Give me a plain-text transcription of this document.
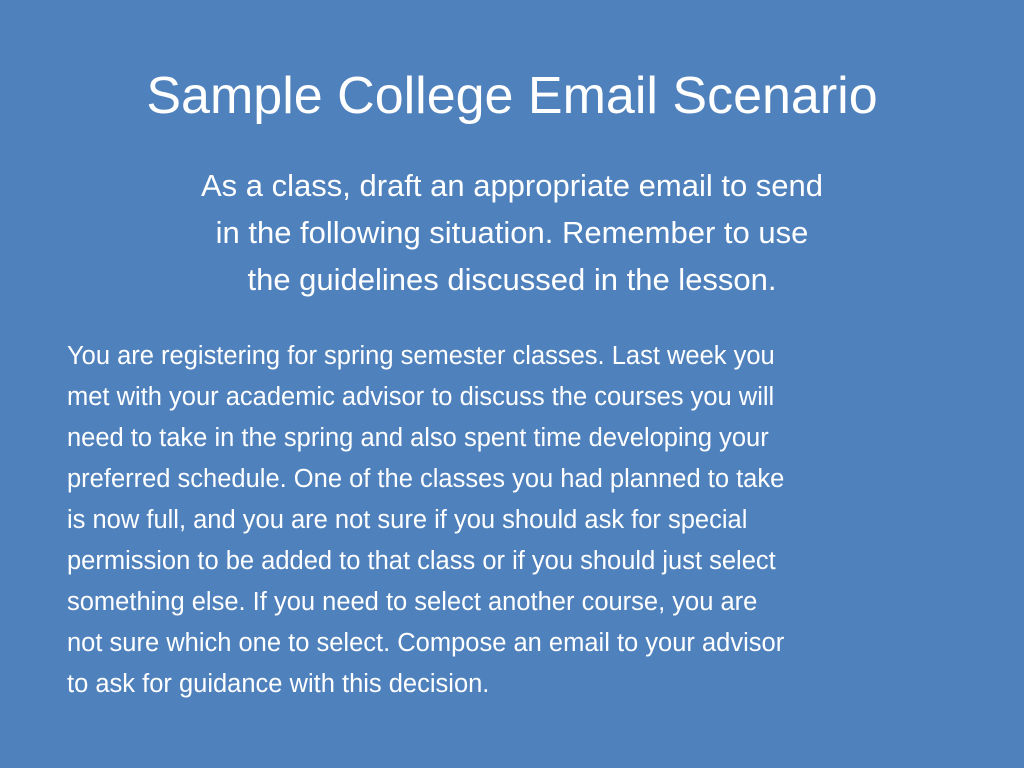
Sample College Email Scenario
As a class, draft an appropriate email to send
in the following situation. Remember to use
the guidelines discussed in the lesson.
You are registering for spring semester classes. Last week you
met with your academic advisor to discuss the courses you will
need to take in the spring and also spent time developing your
preferred schedule. One of the classes you had planned to take
is now full, and you are not sure if you should ask for special
permission to be added to that class or if you should just select
something else. If you need to select another course, you are
not sure which one to select. Compose an email to your advisor
to ask for guidance with this decision.
